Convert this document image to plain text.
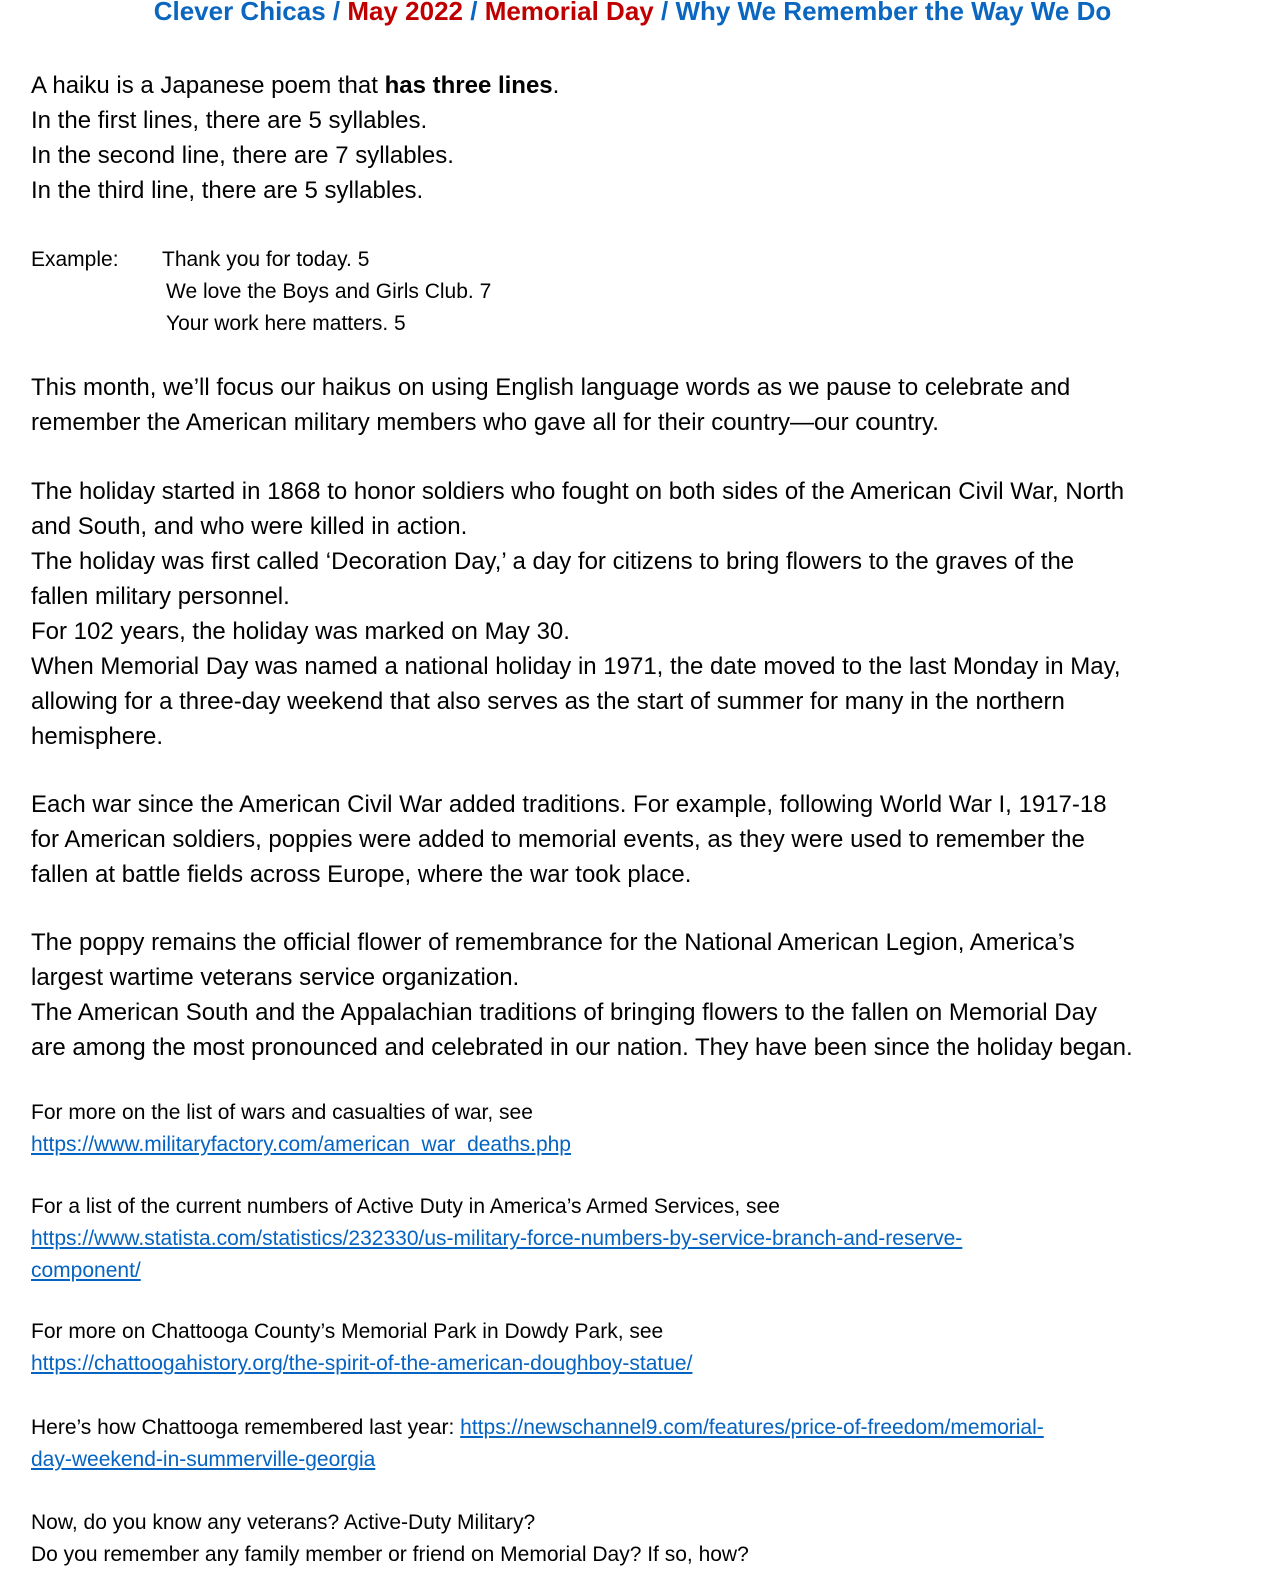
Clever Chicas / May 2022 / Memorial Day / Why We Remember the Way We Do
A haiku is a Japanese poem that has three lines.
In the first lines, there are 5 syllables.
In the second line, there are 7 syllables.
In the third line, there are 5 syllables.
Example: Thank you for today. 5
We love the Boys and Girls Club. 7
Your work here matters. 5
This month, we’ll focus our haikus on using English language words as we pause to celebrate and
remember the American military members who gave all for their country—our country.
The holiday started in 1868 to honor soldiers who fought on both sides of the American Civil War, North
and South, and who were killed in action.
The holiday was first called ‘Decoration Day,’ a day for citizens to bring flowers to the graves of the
fallen military personnel.
For 102 years, the holiday was marked on May 30.
When Memorial Day was named a national holiday in 1971, the date moved to the last Monday in May,
allowing for a three-day weekend that also serves as the start of summer for many in the northern
hemisphere.
Each war since the American Civil War added traditions. For example, following World War I, 1917-18
for American soldiers, poppies were added to memorial events, as they were used to remember the
fallen at battle fields across Europe, where the war took place.
The poppy remains the official flower of remembrance for the National American Legion, America’s
largest wartime veterans service organization.
The American South and the Appalachian traditions of bringing flowers to the fallen on Memorial Day
are among the most pronounced and celebrated in our nation. They have been since the holiday began.
For more on the list of wars and casualties of war, see
https://www.militaryfactory.com/american_war_deaths.php
For a list of the current numbers of Active Duty in America’s Armed Services, see
https://www.statista.com/statistics/232330/us-military-force-numbers-by-service-branch-and-reserve-
component/
For more on Chattooga County’s Memorial Park in Dowdy Park, see
https://chattoogahistory.org/the-spirit-of-the-american-doughboy-statue/
Here’s how Chattooga remembered last year: https://newschannel9.com/features/price-of-freedom/memorial-
day-weekend-in-summerville-georgia
Now, do you know any veterans? Active-Duty Military?
Do you remember any family member or friend on Memorial Day? If so, how?
